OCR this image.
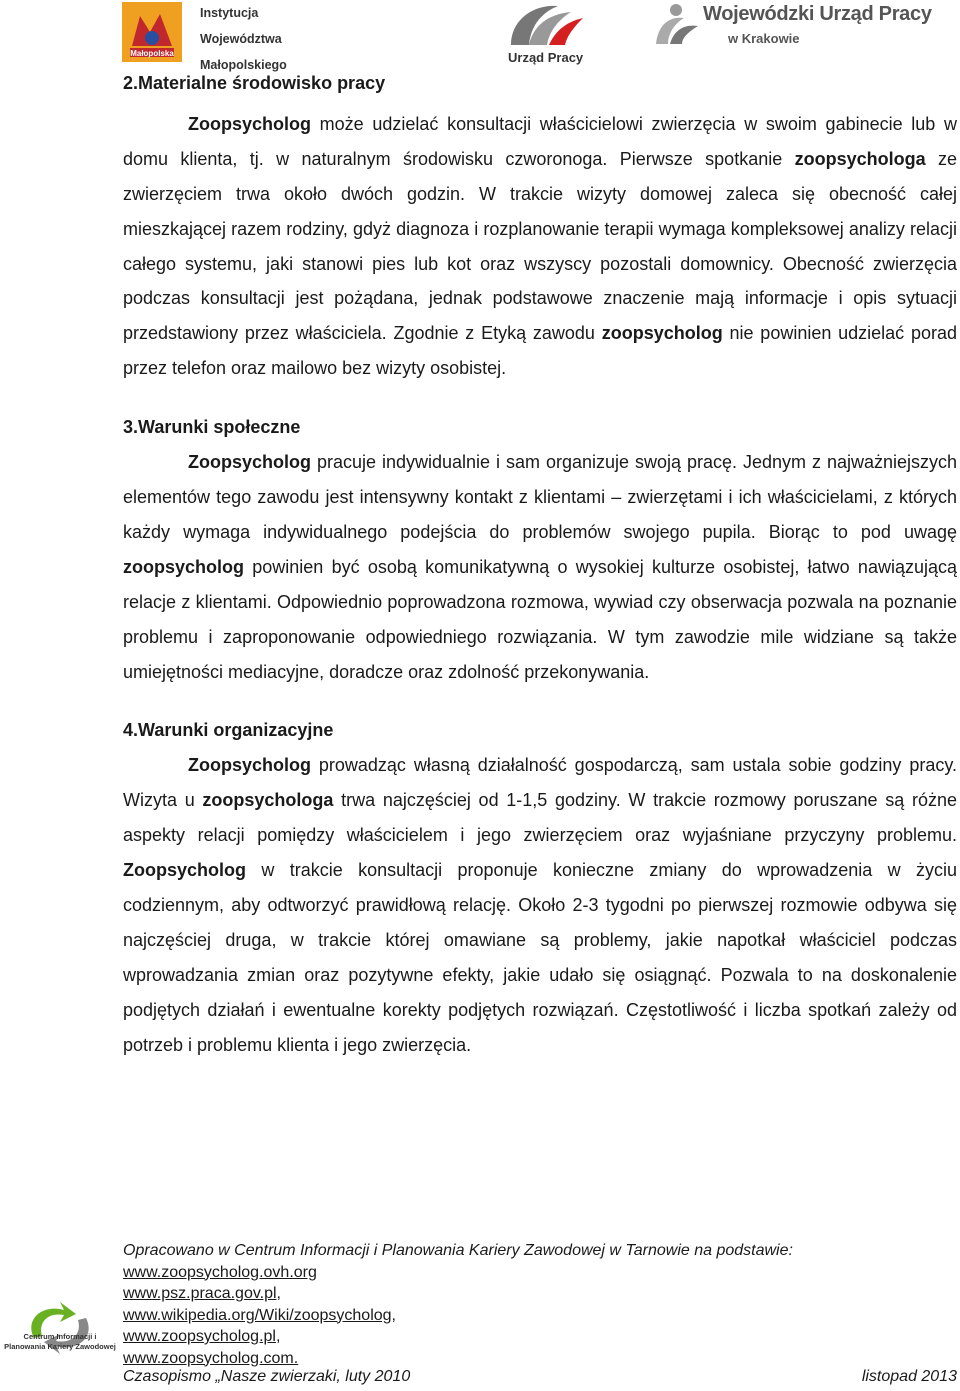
Małopolska
Instytucja
Województwa
Małopolskiego	Urząd Pracy
Wojewódzki Urząd Pracy
w Krakowie

2.Materialne środowisko pracy

Zoopsycholog może udzielać konsultacji właścicielowi zwierzęcia w swoim gabinecie lub w domu klienta, tj. w naturalnym środowisku czworonoga. Pierwsze spotkanie zoopsychologa ze zwierzęciem trwa około dwóch godzin. W trakcie wizyty domowej zaleca się obecność całej mieszkającej razem rodziny, gdyż diagnoza i rozplanowanie terapii wymaga kompleksowej analizy relacji całego systemu, jaki stanowi pies lub kot oraz wszyscy pozostali domownicy. Obecność zwierzęcia podczas konsultacji jest pożądana, jednak podstawowe znaczenie mają informacje i opis sytuacji przedstawiony przez właściciela. Zgodnie z Etyką zawodu zoopsycholog nie powinien udzielać porad przez telefon oraz mailowo bez wizyty osobistej.

3.Warunki społeczne

Zoopsycholog pracuje indywidualnie i sam organizuje swoją pracę. Jednym z najważniejszych elementów tego zawodu jest intensywny kontakt z klientami – zwierzętami i ich właścicielami, z których każdy wymaga indywidualnego podejścia do problemów swojego pupila. Biorąc to pod uwagę zoopsycholog powinien być osobą komunikatywną o wysokiej kulturze osobistej, łatwo nawiązującą relacje z klientami. Odpowiednio poprowadzona rozmowa, wywiad czy obserwacja pozwala na poznanie problemu i zaproponowanie odpowiedniego rozwiązania. W tym zawodzie mile widziane są także umiejętności mediacyjne, doradcze oraz zdolność przekonywania.

4.Warunki organizacyjne

Zoopsycholog prowadząc własną działalność gospodarczą, sam ustala sobie godziny pracy. Wizyta u zoopsychologa trwa najczęściej od 1-1,5 godziny. W trakcie rozmowy poruszane są różne aspekty relacji pomiędzy właścicielem i jego zwierzęciem oraz wyjaśniane przyczyny problemu. Zoopsycholog w trakcie konsultacji proponuje konieczne zmiany do wprowadzenia w życiu codziennym, aby odtworzyć prawidłową relację. Około 2-3 tygodni po pierwszej rozmowie odbywa się najczęściej druga, w trakcie której omawiane są problemy, jakie napotkał właściciel podczas wprowadzania zmian oraz pozytywne efekty, jakie udało się osiągnąć. Pozwala to na doskonalenie podjętych działań i ewentualne korekty podjętych rozwiązań. Częstotliwość i liczba spotkań zależy od potrzeb i problemu klienta i jego zwierzęcia.

Centrum Informacji i Planowania Kariery Zawodowej
Opracowano w Centrum Informacji i Planowania Kariery Zawodowej w Tarnowie na podstawie:
www.zoopsycholog.ovh.org
www.psz.praca.gov.pl,
www.wikipedia.org/Wiki/zoopsycholog,
www.zoopsycholog.pl,
www.zoopsycholog.com.
Czasopismo „Nasze zwierzaki, luty 2010	listopad 2013
